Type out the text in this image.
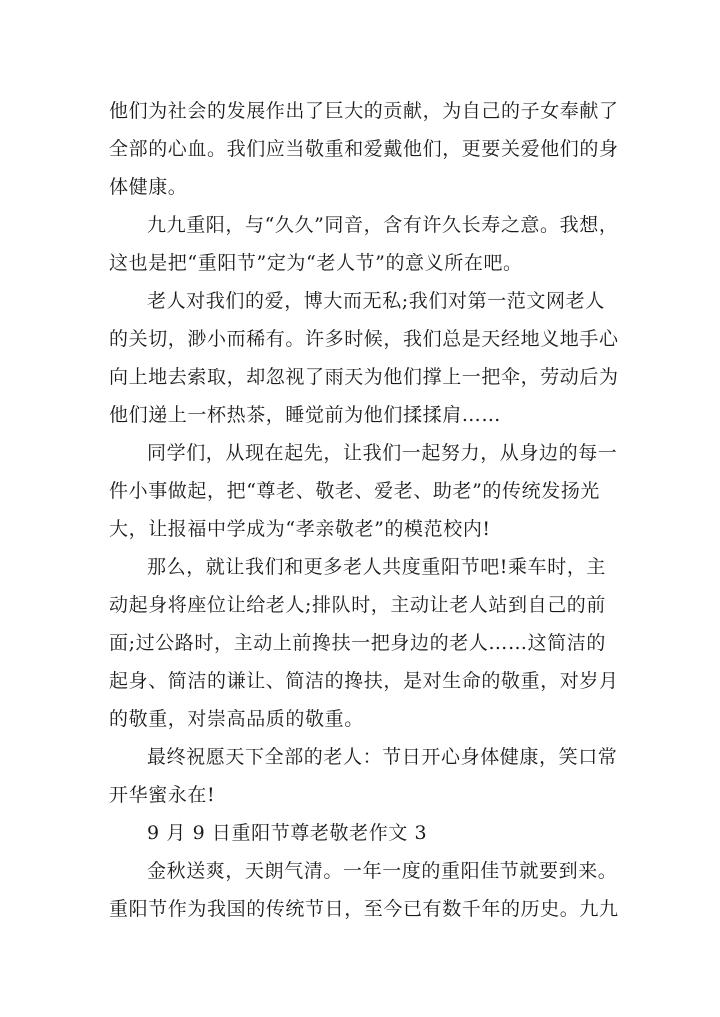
他们为社会的发展作出了巨大的贡献，为自己的子女奉献了
全部的心血。我们应当敬重和爱戴他们，更要关爱他们的身
体健康。
九九重阳，与“久久”同音，含有许久长寿之意。我想，
这也是把“重阳节”定为“老人节”的意义所在吧。
老人对我们的爱，博大而无私;我们对第一范文网老人
的关切，渺小而稀有。许多时候，我们总是天经地义地手心
向上地去索取，却忽视了雨天为他们撑上一把伞，劳动后为
他们递上一杯热茶，睡觉前为他们揉揉肩……
同学们，从现在起先，让我们一起努力，从身边的每一
件小事做起，把“尊老、敬老、爱老、助老”的传统发扬光
大，让报福中学成为“孝亲敬老”的模范校内!
那么，就让我们和更多老人共度重阳节吧!乘车时，主
动起身将座位让给老人;排队时，主动让老人站到自己的前
面;过公路时，主动上前搀扶一把身边的老人……这简洁的
起身、简洁的谦让、简洁的搀扶，是对生命的敬重，对岁月
的敬重，对崇高品质的敬重。
最终祝愿天下全部的老人：节日开心身体健康，笑口常
开华蜜永在!
9 月 9 日重阳节尊老敬老作文 3
金秋送爽，天朗气清。一年一度的重阳佳节就要到来。
重阳节作为我国的传统节日，至今已有数千年的历史。九九
